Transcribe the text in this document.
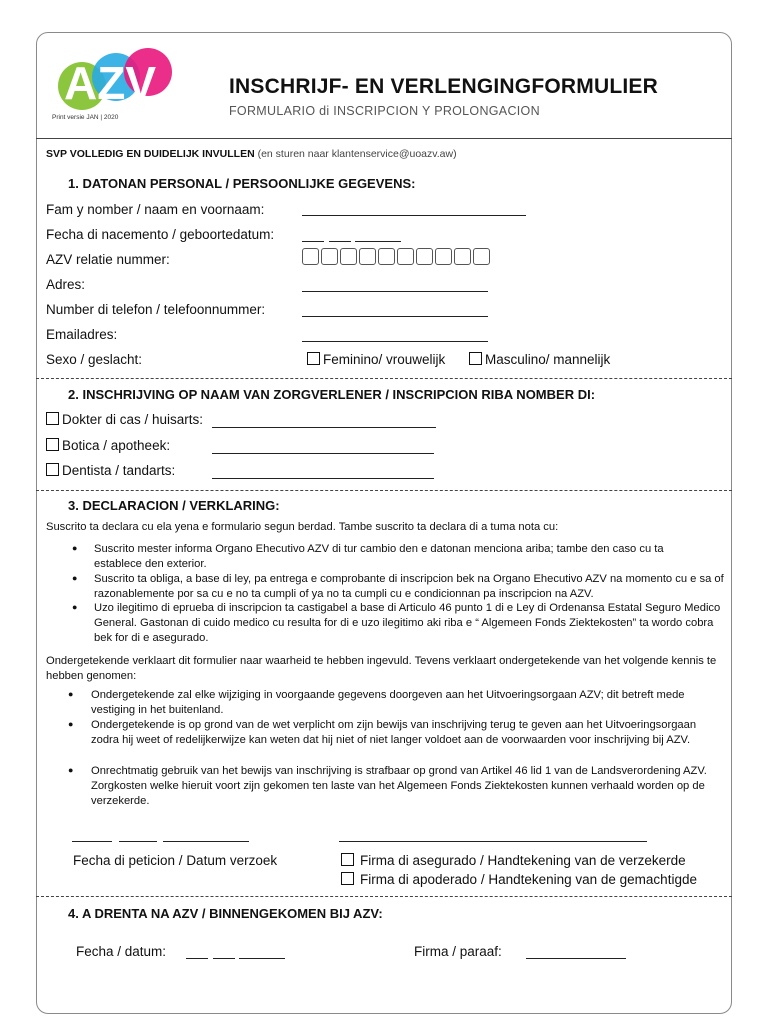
AZV
Print versie JAN | 2020
INSCHRIJF- EN VERLENGINGFORMULIER
FORMULARIO di INSCRIPCION Y PROLONGACION
SVP VOLLEDIG EN DUIDELIJK INVULLEN (en sturen naar klantenservice@uoazv.aw)
1. DATONAN PERSONAL / PERSOONLIJKE GEGEVENS:
Fam y nomber / naam en voornaam:
Fecha di nacemento / geboortedatum:
AZV relatie nummer:
Adres:
Number di telefon / telefoonnummer:
Emailadres:
Sexo / geslacht:	Feminino/ vrouwelijk	Masculino/ mannelijk
2. INSCHRIJVING OP NAAM VAN ZORGVERLENER / INSCRIPCION RIBA NOMBER DI:
Dokter di cas / huisarts:
Botica / apotheek:
Dentista / tandarts:
3. DECLARACION / VERKLARING:
Suscrito ta declara cu ela yena e formulario segun berdad. Tambe suscrito ta declara di a tuma nota cu:
● Suscrito mester informa Organo Ehecutivo AZV di tur cambio den e datonan menciona ariba; tambe den caso cu ta establece den exterior.
● Suscrito ta obliga, a base di ley, pa entrega e comprobante di inscripcion bek na Organo Ehecutivo AZV na momento cu e sa of razonablemente por sa cu e no ta cumpli of ya no ta cumpli cu e condicionnan pa inscripcion na AZV.
● Uzo ilegitimo di eprueba di inscripcion ta castigabel a base di Articulo 46 punto 1 di e Ley di Ordenansa Estatal Seguro Medico General. Gastonan di cuido medico cu resulta for di e uzo ilegitimo aki riba e “ Algemeen Fonds Ziektekosten” ta wordo cobra bek for di e asegurado.
Ondergetekende verklaart dit formulier naar waarheid te hebben ingevuld. Tevens verklaart ondergetekende van het volgende kennis te hebben genomen:
● Ondergetekende zal elke wijziging in voorgaande gegevens doorgeven aan het Uitvoeringsorgaan AZV; dit betreft mede vestiging in het buitenland.
● Ondergetekende is op grond van de wet verplicht om zijn bewijs van inschrijving terug te geven aan het Uitvoeringsorgaan zodra hij weet of redelijkerwijze kan weten dat hij niet of niet langer voldoet aan de voorwaarden voor inschrijving bij AZV.
● Onrechtmatig gebruik van het bewijs van inschrijving is strafbaar op grond van Artikel 46 lid 1 van de Landsverordening AZV. Zorgkosten welke hieruit voort zijn gekomen ten laste van het Algemeen Fonds Ziektekosten kunnen verhaald worden op de verzekerde.
Fecha di peticion / Datum verzoek	Firma di asegurado / Handtekening van de verzekerde
Firma di apoderado / Handtekening van de gemachtigde
4. A DRENTA NA AZV / BINNENGEKOMEN BIJ AZV:
Fecha / datum:	Firma / paraaf:
